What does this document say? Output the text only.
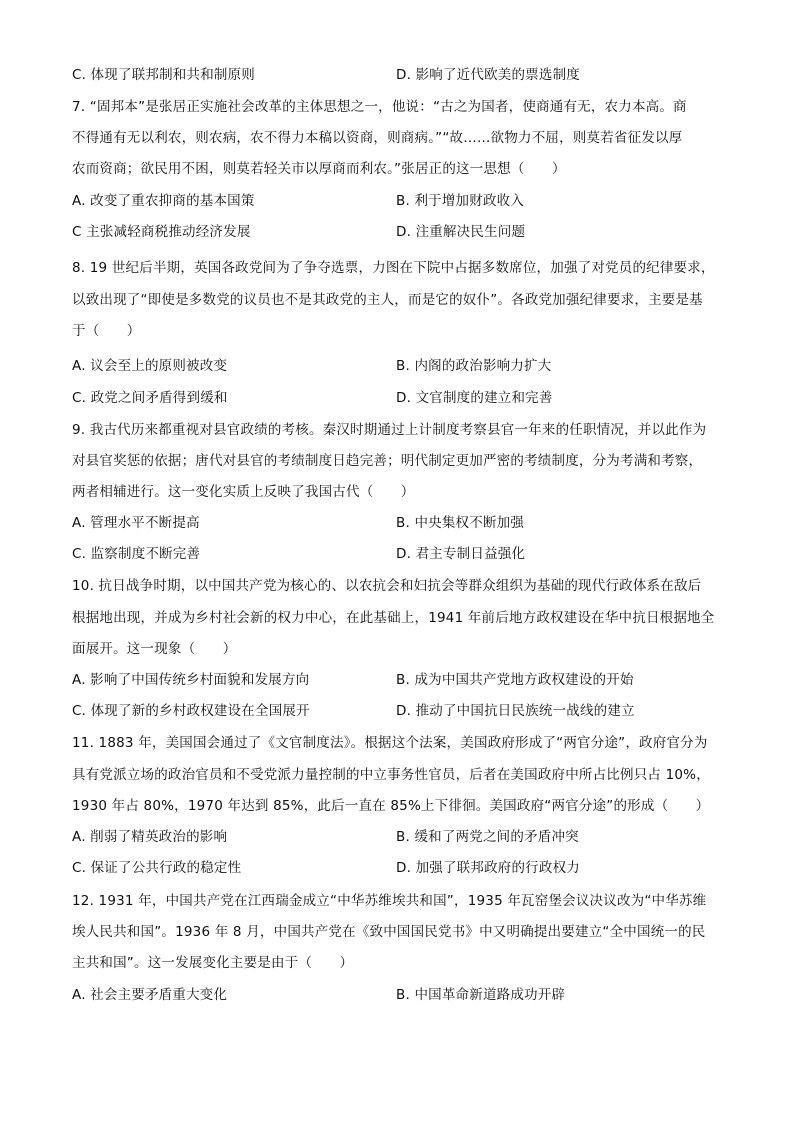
C. 体现了联邦制和共和制原则	D. 影响了近代欧美的票选制度
7. “固邦本”是张居正实施社会改革的主体思想之一，他说：“古之为国者，使商通有无，农力本高。商
不得通有无以利农，则农病，农不得力本稿以资商，则商病。”“故……欲物力不屈，则莫若省征发以厚
农而资商；欲民用不困，则莫若轻关市以厚商而利农。”张居正的这一思想（　　）
A. 改变了重农抑商的基本国策	B. 利于增加财政收入
C 主张减轻商税推动经济发展	D. 注重解决民生问题
8. 19 世纪后半期，英国各政党间为了争夺选票，力图在下院中占据多数席位，加强了对党员的纪律要求，
以致出现了“即使是多数党的议员也不是其政党的主人，而是它的奴仆”。各政党加强纪律要求，主要是基
于（　　）
A. 议会至上的原则被改变	B. 内阁的政治影响力扩大
C. 政党之间矛盾得到缓和	D. 文官制度的建立和完善
9. 我古代历来都重视对县官政绩的考核。秦汉时期通过上计制度考察县官一年来的任职情况，并以此作为
对县官奖惩的依据；唐代对县官的考绩制度日趋完善；明代制定更加严密的考绩制度，分为考满和考察，
两者相辅进行。这一变化实质上反映了我国古代（　　）
A. 管理水平不断提高	B. 中央集权不断加强
C. 监察制度不断完善	D. 君主专制日益强化
10. 抗日战争时期，以中国共产党为核心的、以农抗会和妇抗会等群众组织为基础的现代行政体系在敌后
根据地出现，并成为乡村社会新的权力中心，在此基础上，1941 年前后地方政权建设在华中抗日根据地全
面展开。这一现象（　　）
A. 影响了中国传统乡村面貌和发展方向	B. 成为中国共产党地方政权建设的开始
C. 体现了新的乡村政权建设在全国展开	D. 推动了中国抗日民族统一战线的建立
11. 1883 年，美国国会通过了《文官制度法》。根据这个法案，美国政府形成了“两官分途”，政府官分为
具有党派立场的政治官员和不受党派力量控制的中立事务性官员，后者在美国政府中所占比例只占 10%，
1930 年占 80%，1970 年达到 85%，此后一直在 85%上下徘徊。美国政府“两官分途”的形成（　　）
A. 削弱了精英政治的影响	B. 缓和了两党之间的矛盾冲突
C. 保证了公共行政的稳定性	D. 加强了联邦政府的行政权力
12. 1931 年，中国共产党在江西瑞金成立“中华苏维埃共和国”，1935 年瓦窑堡会议决议改为“中华苏维
埃人民共和国”。1936 年 8 月，中国共产党在《致中国国民党书》中又明确提出要建立“全中国统一的民
主共和国”。这一发展变化主要是由于（　　）
A. 社会主要矛盾重大变化	B. 中国革命新道路成功开辟
